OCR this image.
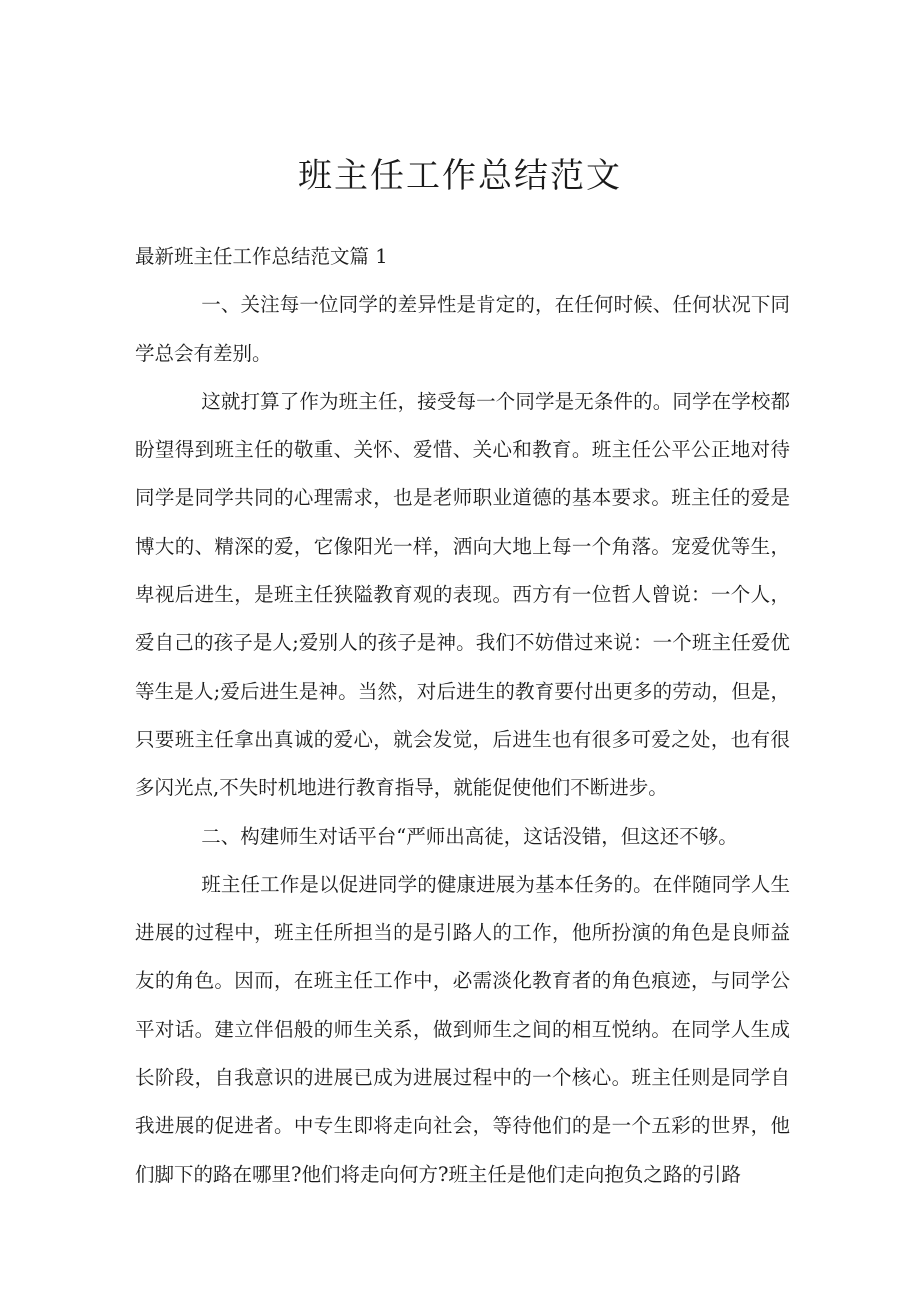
班主任工作总结范文

最新班主任工作总结范文篇 1

一、关注每一位同学的差异性是肯定的，在任何时候、任何状况下同学总会有差别。

这就打算了作为班主任，接受每一个同学是无条件的。同学在学校都盼望得到班主任的敬重、关怀、爱惜、关心和教育。班主任公平公正地对待同学是同学共同的心理需求，也是老师职业道德的基本要求。班主任的爱是博大的、精深的爱，它像阳光一样，洒向大地上每一个角落。宠爱优等生，卑视后进生，是班主任狭隘教育观的表现。西方有一位哲人曾说：一个人，爱自己的孩子是人;爱别人的孩子是神。我们不妨借过来说：一个班主任爱优等生是人;爱后进生是神。当然，对后进生的教育要付出更多的劳动，但是，只要班主任拿出真诚的爱心，就会发觉，后进生也有很多可爱之处，也有很多闪光点,不失时机地进行教育指导，就能促使他们不断进步。

二、构建师生对话平台“严师出高徒，这话没错，但这还不够。

班主任工作是以促进同学的健康进展为基本任务的。在伴随同学人生进展的过程中，班主任所担当的是引路人的工作，他所扮演的角色是良师益友的角色。因而，在班主任工作中，必需淡化教育者的角色痕迹，与同学公平对话。建立伴侣般的师生关系，做到师生之间的相互悦纳。在同学人生成长阶段，自我意识的进展已成为进展过程中的一个核心。班主任则是同学自我进展的促进者。中专生即将走向社会，等待他们的是一个五彩的世界，他们脚下的路在哪里?他们将走向何方?班主任是他们走向抱负之路的引路
